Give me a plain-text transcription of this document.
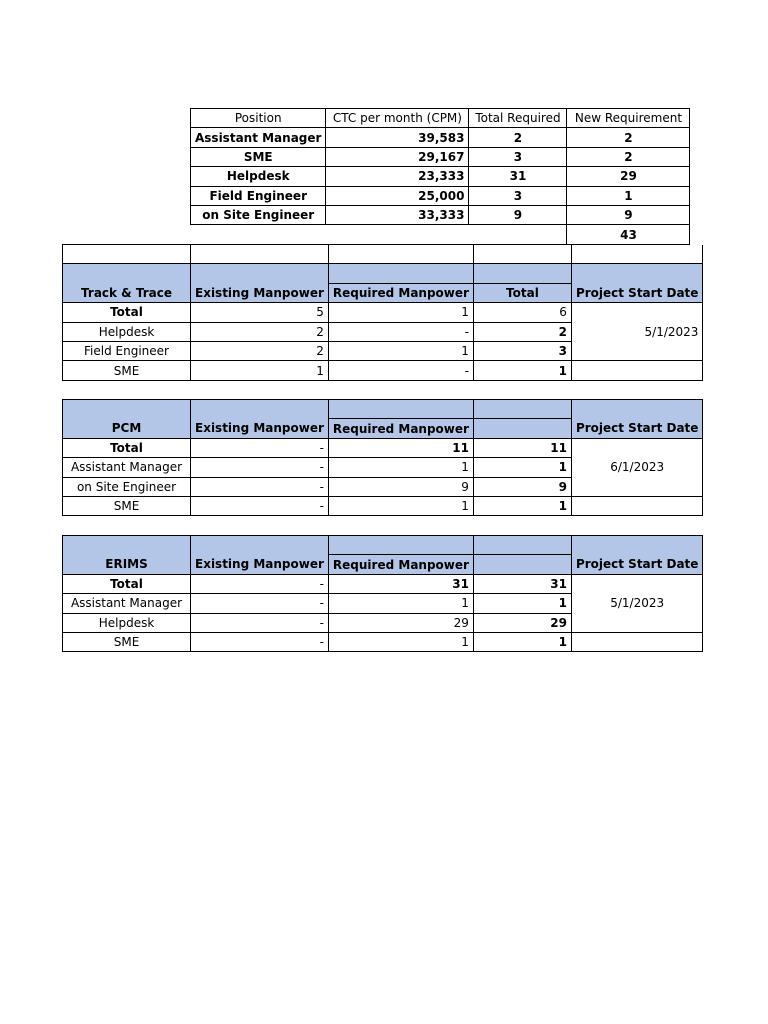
Position	CTC per month (CPM)	Total Required	New Requirement
Assistant Manager	39,583	2	2
SME	29,167	3	2
Helpdesk	23,333	31	29
Field Engineer	25,000	3	1
on Site Engineer	33,333	9	9
			43

Track & Trace	Existing Manpower	Required Manpower	Total	Project Start Date
Total	5	1	6	5/1/2023
Helpdesk	2	-	2	
Field Engineer	2	1	3	
SME	1	-	1	

PCM	Existing Manpower	Required Manpower		Project Start Date
Total	-	11	11	6/1/2023
Assistant Manager	-	1	1	
on Site Engineer	-	9	9	
SME	-	1	1	

ERIMS	Existing Manpower	Required Manpower		Project Start Date
Total	-	31	31	5/1/2023
Assistant Manager	-	1	1	
Helpdesk	-	29	29	
SME	-	1	1	
